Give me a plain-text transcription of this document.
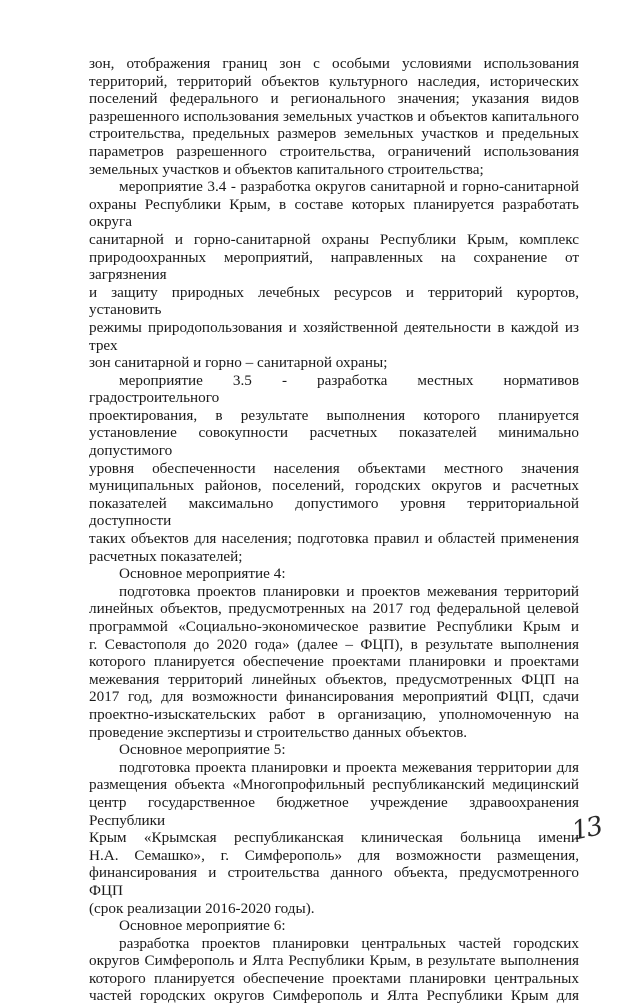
зон, отображения границ зон с особыми условиями использования

территорий, территорий объектов культурного наследия, исторических

поселений федерального и регионального значения; указания видов

разрешенного использования земельных участков и объектов капитального

строительства, предельных размеров земельных участков и предельных

параметров разрешенного строительства, ограничений использования

земельных участков и объектов капитального строительства;

мероприятие 3.4 - разработка округов санитарной и горно-санитарной

охраны Республики Крым, в составе которых планируется разработать округа

санитарной и горно-санитарной охраны Республики Крым, комплекс

природоохранных мероприятий, направленных на сохранение от загрязнения

и защиту природных лечебных ресурсов и территорий курортов, установить

режимы природопользования и хозяйственной деятельности в каждой из трех

зон санитарной и горно – санитарной охраны;

мероприятие 3.5 - разработка местных нормативов градостроительного

проектирования, в результате выполнения которого планируется

установление совокупности расчетных показателей минимально допустимого

уровня обеспеченности населения объектами местного значения

муниципальных районов, поселений, городских округов и расчетных

показателей максимально допустимого уровня территориальной доступности

таких объектов для населения; подготовка правил и областей применения

расчетных показателей;

Основное мероприятие 4:

подготовка проектов планировки и проектов межевания территорий

линейных объектов, предусмотренных на 2017 год федеральной целевой

программой «Социально-экономическое развитие Республики Крым и

г. Севастополя до 2020 года» (далее – ФЦП), в результате выполнения

которого планируется обеспечение проектами планировки и проектами

межевания территорий линейных объектов, предусмотренных ФЦП на

2017 год, для возможности финансирования мероприятий ФЦП, сдачи

проектно-изыскательских работ в организацию, уполномоченную на

проведение экспертизы и строительство данных объектов.

Основное мероприятие 5:

подготовка проекта планировки и проекта межевания территории для

размещения объекта «Многопрофильный республиканский медицинский

центр государственное бюджетное учреждение здравоохранения Республики

Крым «Крымская республиканская клиническая больница имени

Н.А. Семашко», г. Симферополь» для возможности размещения,

финансирования и строительства данного объекта, предусмотренного ФЦП

(срок реализации 2016-2020 годы).

Основное мероприятие 6:

разработка проектов планировки центральных частей городских

округов Симферополь и Ялта Республики Крым, в результате выполнения

которого планируется обеспечение проектами планировки центральных

частей городских округов Симферополь и Ялта Республики Крым для

13
